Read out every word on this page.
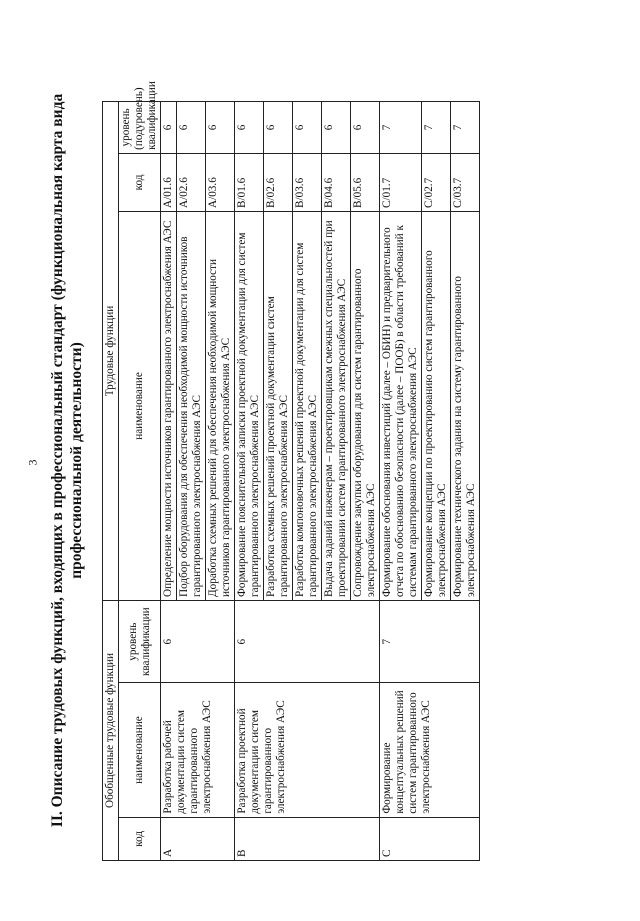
3 II. Описание трудовых функций, входящих в профессиональный стандарт (функциональная карта вида профессиональной деятельности)
Обобщенные трудовые функции			Трудовые функции		
код	наименование	уровень квалификации	наименование	код	уровень (подуровень) квалификации
A	Разработка рабочей документации систем гарантированного электроснабжения АЭС	6	Определение мощности источников гарантированного электроснабжения АЭС	A/01.6	6
			Подбор оборудования для обеспечения необходимой мощности источников гарантированного электроснабжения АЭС	A/02.6	6
			Доработка схемных решений для обеспечения необходимой мощности источников гарантированного электроснабжения АЭС	A/03.6	6
B	Разработка проектной документации систем гарантированного электроснабжения АЭС	6	Формирование пояснительной записки проектной документации для систем гарантированного электроснабжения АЭС	B/01.6	6
			Разработка схемных решений проектной документации систем гарантированного электроснабжения АЭС	B/02.6	6
			Разработка компоновочных решений проектной документации для систем гарантированного электроснабжения АЭС	B/03.6	6
			Выдача заданий инженерам – проектировщикам смежных специальностей при проектировании систем гарантированного электроснабжения АЭС	B/04.6	6
			Сопровождение закупки оборудования для систем гарантированного электроснабжения АЭС	B/05.6	6
C	Формирование концептуальных решений систем гарантированного электроснабжения АЭС	7	Формирование обоснования инвестиций (далее – ОБИН) и предварительного отчета по обоснованию безопасности (далее – ПООБ) в области требований к системам гарантированного электроснабжения АЭС	C/01.7	7
			Формирование концепции по проектированию систем гарантированного электроснабжения АЭС	C/02.7	7
			Формирование технического задания на систему гарантированного электроснабжения АЭС	C/03.7	7
